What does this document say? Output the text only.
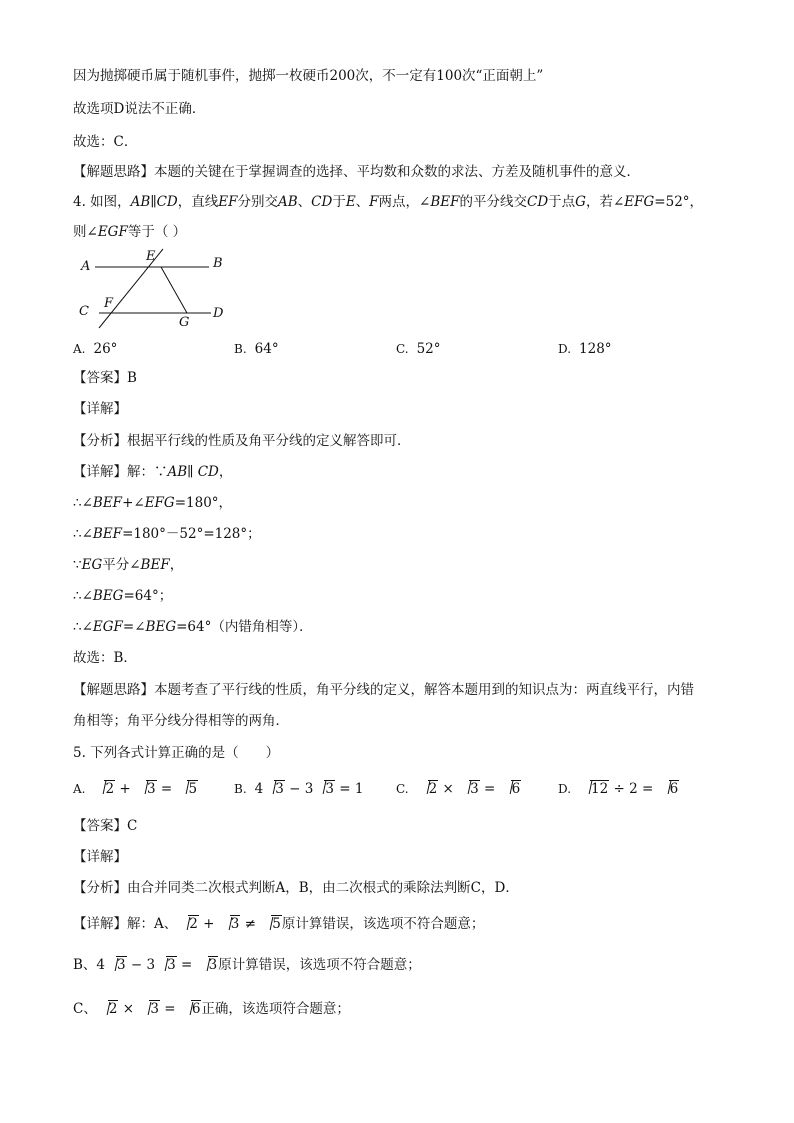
因为抛掷硬币属于随机事件，抛掷一枚硬币200次，不一定有100次“正面朝上”
故选项D说法不正确．
故选：C．
【解题思路】本题的关键在于掌握调查的选择、平均数和众数的求法、方差及随机事件的意义．
4. 如图，AB∥CD，直线EF分别交AB、CD于E、F两点，∠BEF的平分线交CD于点G，若∠EFG=52°，
则∠EGF等于（ ）
A	B
C	D
E
F
G
A. 26°	B. 64°	C. 52°	D. 128°
【答案】B
【详解】
【分析】根据平行线的性质及角平分线的定义解答即可．
【详解】解：∵AB∥ CD，
∴∠BEF+∠EFG=180°，
∴∠BEF=180°－52°=128°；
∵EG平分∠BEF，
∴∠BEG=64°；
∴∠EGF=∠BEG=64°（内错角相等）．
故选：B．
【解题思路】本题考查了平行线的性质，角平分线的定义，解答本题用到的知识点为：两直线平行，内错
角相等；角平分线分得相等的两角．
5. 下列各式计算正确的是（　　）
A. 2 + 3 = 5	B. 4 3 − 3 3 = 1	C. 2 × 3 = 6	D. 12 ÷ 2 = 6
【答案】C
【详解】
【分析】由合并同类二次根式判断A，B，由二次根式的乘除法判断C，D．
【详解】解：A、 2 + 3 ≠ 5原计算错误，该选项不符合题意；
B、4 3 − 3 3 = 3原计算错误，该选项不符合题意；
C、 2 × 3 = 6正确，该选项符合题意；
